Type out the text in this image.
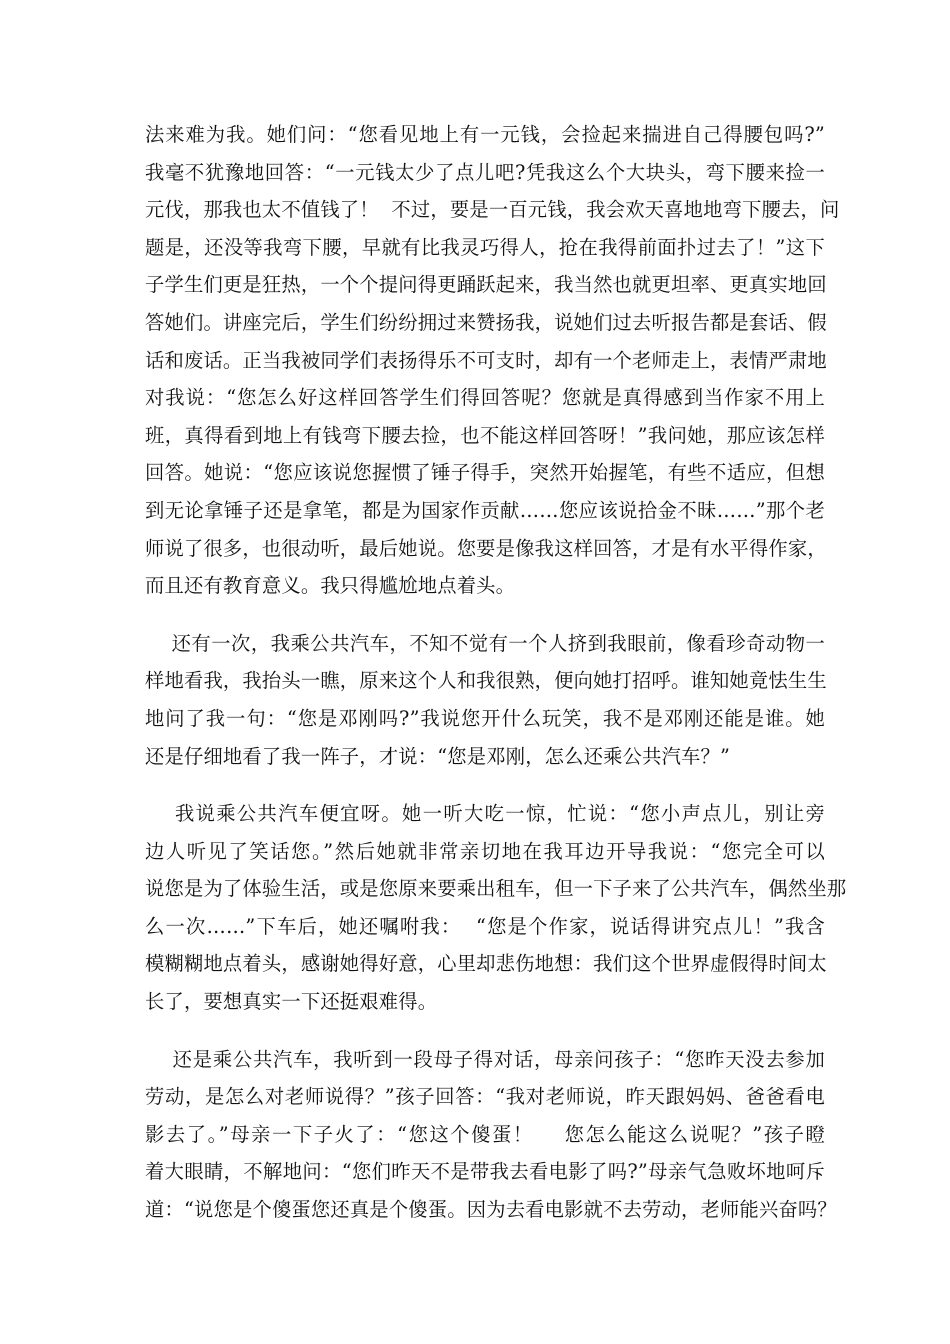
法来难为我。她们问：“您看见地上有一元钱，会捡起来揣进自己得腰包吗?”
我毫不犹豫地回答：“一元钱太少了点儿吧?凭我这么个大块头，弯下腰来捡一
元伐，那我也太不值钱了！  不过，要是一百元钱，我会欢天喜地地弯下腰去，问
题是，还没等我弯下腰，早就有比我灵巧得人，抢在我得前面扑过去了！”这下
子学生们更是狂热，一个个提问得更踊跃起来，我当然也就更坦率、更真实地回
答她们。讲座完后，学生们纷纷拥过来赞扬我，说她们过去听报告都是套话、假
话和废话。正当我被同学们表扬得乐不可支时，却有一个老师走上，表情严肃地
对我说：“您怎么好这样回答学生们得回答呢？您就是真得感到当作家不用上
班，真得看到地上有钱弯下腰去捡，也不能这样回答呀！”我问她，那应该怎样
回答。她说：“您应该说您握惯了锤子得手，突然开始握笔，有些不适应，但想
到无论拿锤子还是拿笔，都是为国家作贡献……您应该说拾金不昧……”那个老
师说了很多，也很动听，最后她说。您要是像我这样回答，才是有水平得作家，
而且还有教育意义。我只得尴尬地点着头。
还有一次，我乘公共汽车，不知不觉有一个人挤到我眼前，像看珍奇动物一
样地看我，我抬头一瞧，原来这个人和我很熟，便向她打招呼。谁知她竟怯生生
地问了我一句：“您是邓刚吗?”我说您开什么玩笑，我不是邓刚还能是谁。她
还是仔细地看了我一阵子，才说：“您是邓刚，怎么还乘公共汽车？”
我说乘公共汽车便宜呀。她一听大吃一惊，忙说：“您小声点儿，别让旁
边人听见了笑话您。”然后她就非常亲切地在我耳边开导我说：“您完全可以
说您是为了体验生活，或是您原来要乘出租车，但一下子来了公共汽车，偶然坐那
么一次……”下车后，她还嘱咐我：  “您是个作家，说话得讲究点儿！”我含
模糊糊地点着头，感谢她得好意，心里却悲伤地想：我们这个世界虚假得时间太
长了，要想真实一下还挺艰难得。
还是乘公共汽车，我听到一段母子得对话，母亲问孩子：“您昨天没去参加
劳动，是怎么对老师说得？”孩子回答：“我对老师说，昨天跟妈妈、爸爸看电
影去了。”母亲一下子火了：“您这个傻蛋！    您怎么能这么说呢？”孩子瞪
着大眼睛，不解地问：“您们昨天不是带我去看电影了吗?”母亲气急败坏地呵斥
道：“说您是个傻蛋您还真是个傻蛋。因为去看电影就不去劳动，老师能兴奋吗？
